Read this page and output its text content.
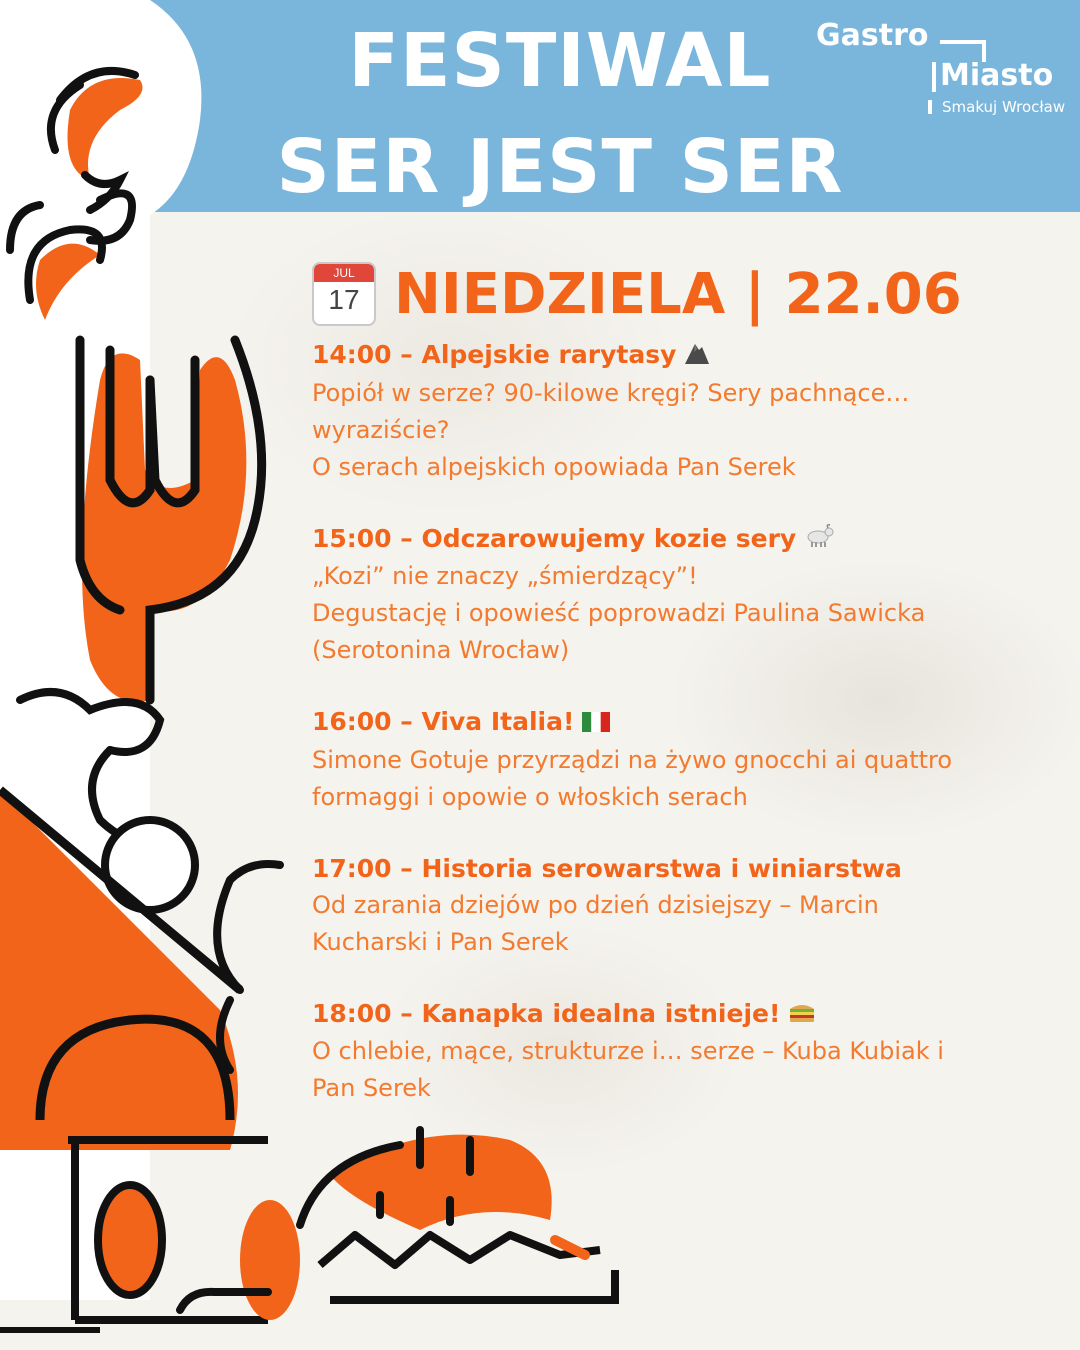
FESTIWAL
SER JEST SER
Gastro
Miasto
Smakuj Wrocław
JUL
17 NIEDZIELA | 22.06
14:00 – Alpejskie rarytasy
Popiół w serze? 90-kilowe kręgi? Sery pachnące…
wyraziście?
O serach alpejskich opowiada Pan Serek
15:00 – Odczarowujemy kozie sery
„Kozi” nie znaczy „śmierdzący”!
Degustację i opowieść poprowadzi Paulina Sawicka
(Serotonina Wrocław)
16:00 – Viva Italia!
Simone Gotuje przyrządzi na żywo gnocchi ai quattro
formaggi i opowie o włoskich serach
17:00 – Historia serowarstwa i winiarstwa
Od zarania dziejów po dzień dzisiejszy – Marcin
Kucharski i Pan Serek
18:00 – Kanapka idealna istnieje!
O chlebie, mące, strukturze i… serze – Kuba Kubiak i
Pan Serek
